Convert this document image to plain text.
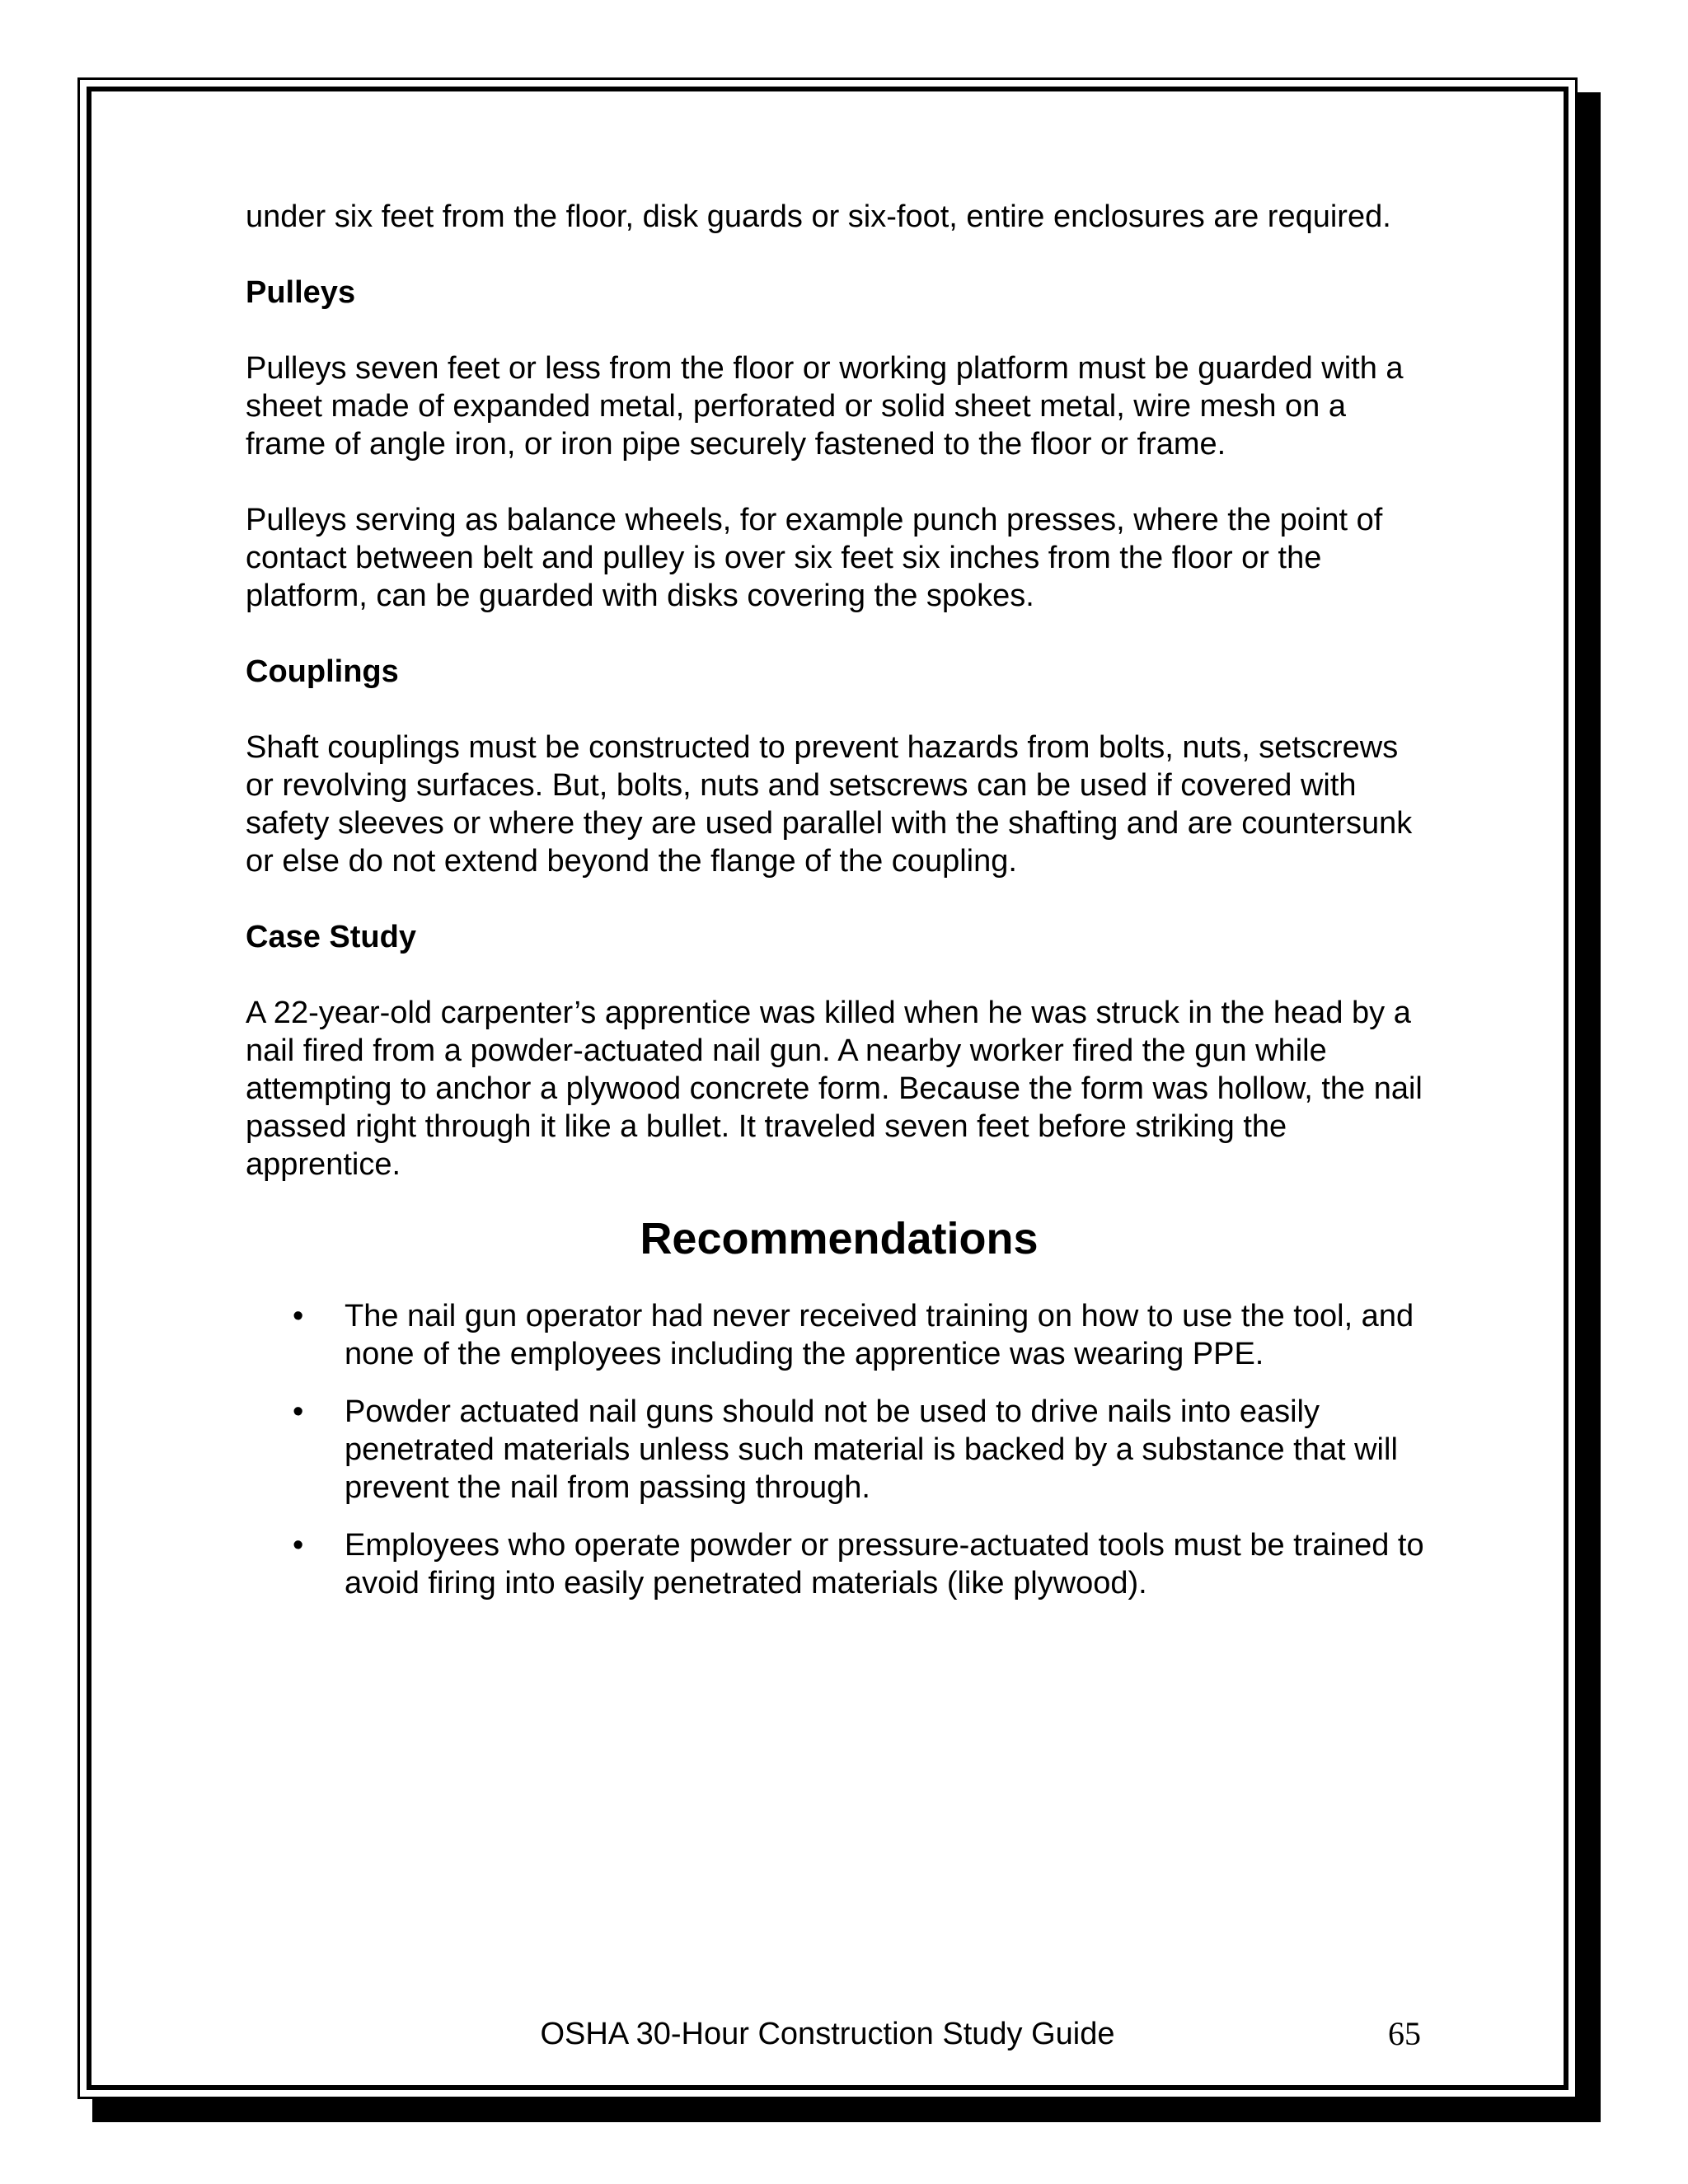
under six feet from the floor, disk guards or six-foot, entire enclosures are required.

Pulleys

Pulleys seven feet or less from the floor or working platform must be guarded with a sheet made of expanded metal, perforated or solid sheet metal, wire mesh on a frame of angle iron, or iron pipe securely fastened to the floor or frame.

Pulleys serving as balance wheels, for example punch presses, where the point of contact between belt and pulley is over six feet six inches from the floor or the platform, can be guarded with disks covering the spokes.

Couplings

Shaft couplings must be constructed to prevent hazards from bolts, nuts, setscrews or revolving surfaces. But, bolts, nuts and setscrews can be used if covered with safety sleeves or where they are used parallel with the shafting and are countersunk or else do not extend beyond the flange of the coupling.

Case Study

A 22-year-old carpenter’s apprentice was killed when he was struck in the head by a nail fired from a powder-actuated nail gun. A nearby worker fired the gun while attempting to anchor a plywood concrete form. Because the form was hollow, the nail passed right through it like a bullet. It traveled seven feet before striking the apprentice.

Recommendations
• The nail gun operator had never received training on how to use the tool, and none of the employees including the apprentice was wearing PPE.
• Powder actuated nail guns should not be used to drive nails into easily penetrated materials unless such material is backed by a substance that will prevent the nail from passing through.
• Employees who operate powder or pressure-actuated tools must be trained to avoid firing into easily penetrated materials (like plywood).
OSHA 30-Hour Construction Study Guide	65
